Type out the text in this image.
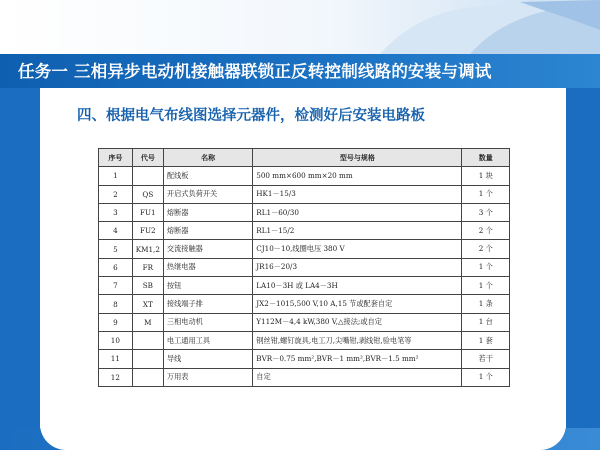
任务一 三相异步电动机接触器联锁正反转控制线路的安装与调试
四、根据电气布线图选择元器件，检测好后安装电路板
序号	代号	名称	型号与规格	数量
1		配线板	500 mm×600 mm×20 mm	1 块
2	QS	开启式负荷开关	HK1－15/3	1 个
3	FU1	熔断器	RL1－60/30	3 个
4	FU2	熔断器	RL1－15/2	2 个
5	KM1,2	交流接触器	CJ10－10,线圈电压 380 V	2 个
6	FR	热继电器	JR16－20/3	1 个
7	SB	按钮	LA10－3H 或 LA4－3H	1 个
8	XT	接线端子排	JX2－1015,500 V,10 A,15 节或配套自定	1 条
9	M	三相电动机	Y112M－4,4 kW,380 V,△接法;或自定	1 台
10		电工通用工具	钢丝钳,螺钉旋具,电工刀,尖嘴钳,剥线钳,验电笔等	1 套
11		导线	BVR－0.75 mm²,BVR－1 mm²,BVR－1.5 mm²	若干
12		万用表	自定	1 个
